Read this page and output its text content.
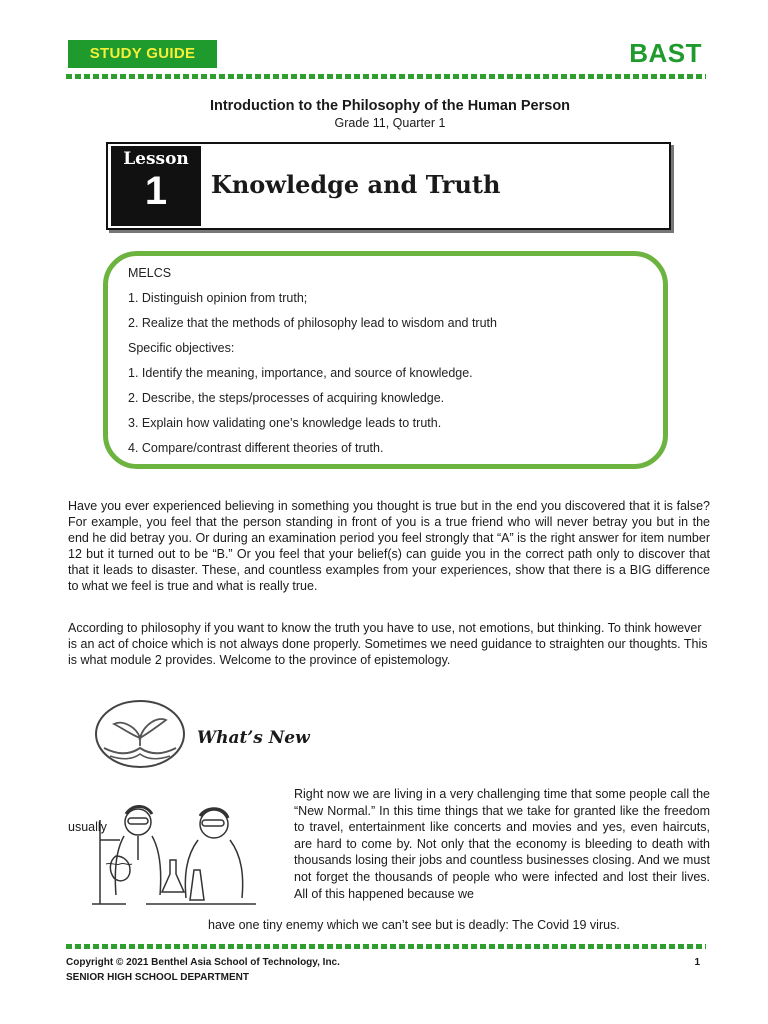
STUDY GUIDE	BAST
Introduction to the Philosophy of the Human Person
Grade 11, Quarter 1
Lesson
1	Knowledge and Truth
MELCS
1. Distinguish opinion from truth;
2. Realize that the methods of philosophy lead to wisdom and truth
Specific objectives:
1. Identify the meaning, importance, and source of knowledge.
2. Describe, the steps/processes of acquiring knowledge.
3. Explain how validating one’s knowledge leads to truth.
4. Compare/contrast different theories of truth.
Have you ever experienced believing in something you thought is true but in the end you discovered that it is false? For example, you feel that the person standing in front of you is a true friend who will never betray you but in the end he did betray you. Or during an examination period you feel strongly that “A” is the right answer for item number 12 but it turned out to be “B.” Or you feel that your belief(s) can guide you in the correct path only to discover that that it leads to disaster. These, and countless examples from your experiences, show that there is a BIG difference to what we feel is true and what is really true.
According to philosophy if you want to know the truth you have to use, not emotions, but thinking. To think however is an act of choice which is not always done properly. Sometimes we need guidance to straighten our thoughts. This is what module 2 provides. Welcome to the province of epistemology.
What’s New
usually
Right now we are living in a very challenging time that some people call the “New Normal.” In this time things that we take for granted like the freedom to travel, entertainment like concerts and movies and yes, even haircuts, are hard to come by. Not only that the economy is bleeding to death with thousands losing their jobs and countless businesses closing. And we must not forget the thousands of people who were infected and lost their lives. All of this happened because we
have one tiny enemy which we can’t see but is deadly: The Covid 19 virus.
Copyright © 2021 Benthel Asia School of Technology, Inc.
SENIOR HIGH SCHOOL DEPARTMENT
1
